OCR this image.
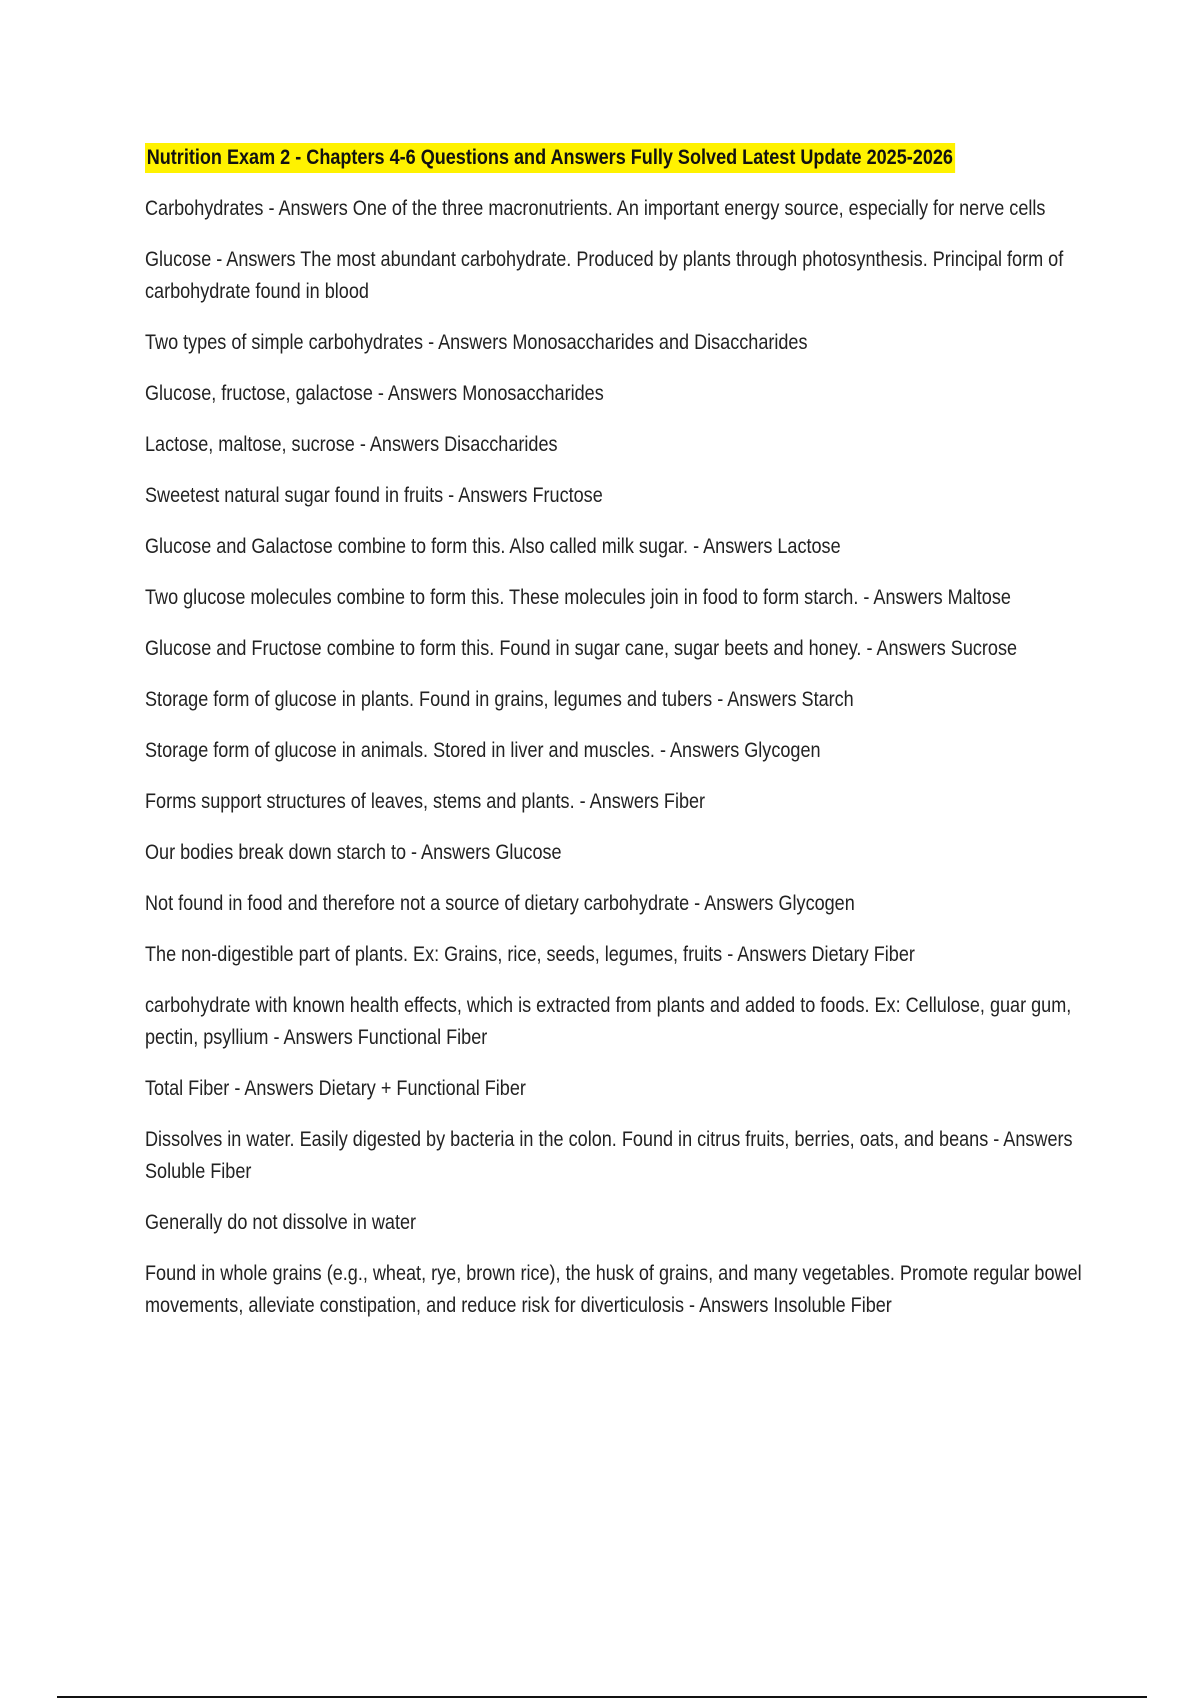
Nutrition Exam 2 - Chapters 4-6 Questions and Answers Fully Solved Latest Update 2025-2026
Carbohydrates - Answers One of the three macronutrients. An important energy source, especially for nerve cells
Glucose - Answers The most abundant carbohydrate. Produced by plants through photosynthesis. Principal form of carbohydrate found in blood
Two types of simple carbohydrates - Answers Monosaccharides and Disaccharides
Glucose, fructose, galactose - Answers Monosaccharides
Lactose, maltose, sucrose - Answers Disaccharides
Sweetest natural sugar found in fruits - Answers Fructose
Glucose and Galactose combine to form this. Also called milk sugar. - Answers Lactose
Two glucose molecules combine to form this. These molecules join in food to form starch. - Answers Maltose
Glucose and Fructose combine to form this. Found in sugar cane, sugar beets and honey. - Answers Sucrose
Storage form of glucose in plants. Found in grains, legumes and tubers - Answers Starch
Storage form of glucose in animals. Stored in liver and muscles. - Answers Glycogen
Forms support structures of leaves, stems and plants. - Answers Fiber
Our bodies break down starch to - Answers Glucose
Not found in food and therefore not a source of dietary carbohydrate - Answers Glycogen
The non-digestible part of plants. Ex: Grains, rice, seeds, legumes, fruits - Answers Dietary Fiber
carbohydrate with known health effects, which is extracted from plants and added to foods. Ex: Cellulose, guar gum, pectin, psyllium - Answers Functional Fiber
Total Fiber - Answers Dietary + Functional Fiber
Dissolves in water. Easily digested by bacteria in the colon. Found in citrus fruits, berries, oats, and beans - Answers Soluble Fiber
Generally do not dissolve in water
Found in whole grains (e.g., wheat, rye, brown rice), the husk of grains, and many vegetables. Promote regular bowel movements, alleviate constipation, and reduce risk for diverticulosis - Answers Insoluble Fiber
